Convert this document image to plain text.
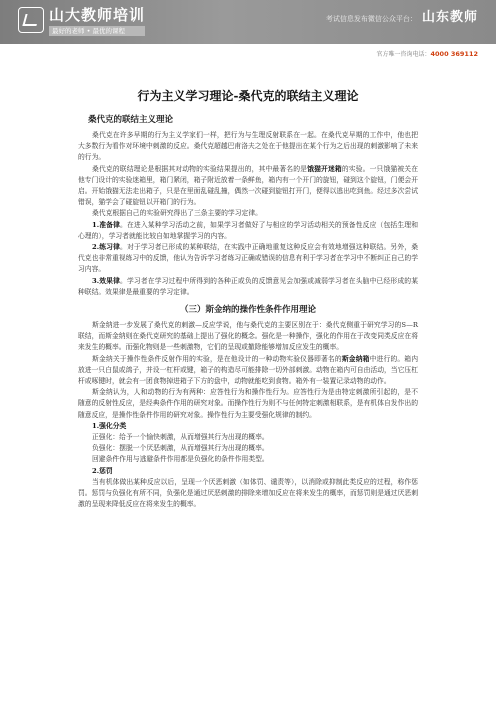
山大教师培训
最好的老师 • 最优的课程
考试信息发布微信公众平台： 山东教师
官方唯一咨询电话：4000 369112
行为主义学习理论-桑代克的联结主义理论
桑代克的联结主义理论

桑代克在许多早期的行为主义学家们一样，把行为与生理反射联系在一起。在桑代克早期的工作中，他也把大多数行为看作对环境中刺激的反应。桑代克超越巴甫洛夫之处在于他提出在某个行为之后出现的刺激影响了未来的行为。

桑代克的联结理论是根据其对动物的实验结果提出的，其中最著名的是饿猫开迷箱的实验。一只饿猫被关在他专门设计的实验迷箱里，箱门紧闭，箱子附近放着一条鲜鱼，箱内有一个开门的旋钮，碰到这个旋钮，门便会开启。开始饿猫无法走出箱子，只是在里面乱碰乱撞，偶然一次碰到旋钮打开门，便得以逃出吃到鱼。经过多次尝试错误，猫学会了碰旋钮以开箱门的行为。

桑代克根据自己的实验研究得出了三条主要的学习定律。

1.准备律。在进入某种学习活动之前，如果学习者做好了与相应的学习活动相关的预备性反应（包括生理和心理的），学习者就能比较自如地掌握学习的内容。

2.练习律。对于学习者已形成的某种联结，在实践中正确地重复这种反应会有效地增强这种联结。另外，桑代克也非常重视练习中的反馈，他认为告诉学习者练习正确或错误的信息有利于学习者在学习中不断纠正自己的学习内容。

3.效果律。学习者在学习过程中所得到的各种正或负的反馈意见会加强或减弱学习者在头脑中已经形成的某种联结。效果律是最重要的学习定律。

（三）斯金纳的操作性条件作用理论

斯金纳进一步发展了桑代克的刺激—反应学说，他与桑代克的主要区别在于：桑代克侧重于研究学习的S—R联结，而斯金纳则在桑代克研究的基础上提出了强化的概念。强化是一种操作，强化的作用在于改变同类反应在将来发生的概率。而强化物则是一些刺激物，它们的呈现或撤除能够增加反应发生的概率。

斯金纳关于操作性条件反射作用的实验，是在他设计的一种动物实验仪器即著名的斯金纳箱中进行的。箱内放进一只白鼠或鸽子，并设一杠杆或键，箱子的构造尽可能排除一切外部刺激。动物在箱内可自由活动，当它压杠杆或啄键时，就会有一团食物掉进箱子下方的盘中，动物就能吃到食物。箱外有一装置记录动物的动作。

斯金纳认为，人和动物的行为有两种：应答性行为和操作性行为。应答性行为是由特定刺激所引起的，是不随意的反射性反应，是经典条件作用的研究对象。而操作性行为则不与任何特定刺激相联系，是有机体自发作出的随意反应，是操作性条件作用的研究对象。操作性行为主要受强化规律的制约。

1.强化分类

正强化：给予一个愉快刺激，从而增强其行为出现的概率。

负强化：摆脱一个厌恶刺激，从而增强其行为出现的概率。

回避条件作用与逃避条件作用都是负强化的条件作用类型。

2.惩罚

当有机体做出某种反应以后，呈现一个厌恶刺激（如体罚、谴责等），以消除或抑制此类反应的过程，称作惩罚。惩罚与负强化有所不同，负强化是通过厌恶刺激的排除来增加反应在将来发生的概率，而惩罚则是通过厌恶刺激的呈现来降低反应在将来发生的概率。
